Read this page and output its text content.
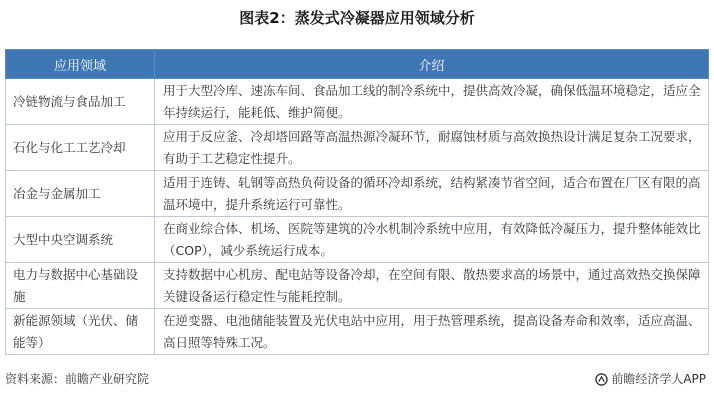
图表2：蒸发式冷凝器应用领域分析
应用领域	介绍
冷链物流与食品加工	用于大型冷库、速冻车间、食品加工线的制冷系统中，提供高效冷凝，确保低温环境稳定，适应全年持续运行，能耗低、维护简便。
石化与化工工艺冷却	应用于反应釜、冷却塔回路等高温热源冷凝环节，耐腐蚀材质与高效换热设计满足复杂工况要求，有助于工艺稳定性提升。
冶金与金属加工	适用于连铸、轧钢等高热负荷设备的循环冷却系统，结构紧凑节省空间，适合布置在厂区有限的高温环境中，提升系统运行可靠性。
大型中央空调系统	在商业综合体、机场、医院等建筑的冷水机制冷系统中应用，有效降低冷凝压力，提升整体能效比（COP），减少系统运行成本。
电力与数据中心基础设施	支持数据中心机房、配电站等设备冷却，在空间有限、散热要求高的场景中，通过高效热交换保障关键设备运行稳定性与能耗控制。
新能源领域（光伏、储能等）	在逆变器、电池储能装置及光伏电站中应用，用于热管理系统，提高设备寿命和效率，适应高温、高日照等特殊工况。
资料来源：前瞻产业研究院	前瞻经济学人APP
